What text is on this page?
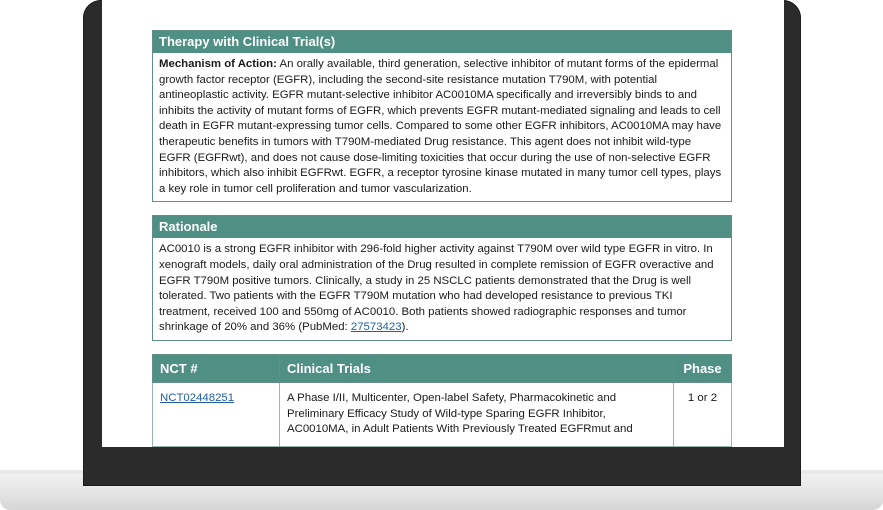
Therapy with Clinical Trial(s)
Mechanism of Action: An orally available, third generation, selective inhibitor of mutant forms of the epidermal growth factor receptor (EGFR), including the second-site resistance mutation T790M, with potential antineoplastic activity. EGFR mutant-selective inhibitor AC0010MA specifically and irreversibly binds to and inhibits the activity of mutant forms of EGFR, which prevents EGFR mutant-mediated signaling and leads to cell death in EGFR mutant-expressing tumor cells. Compared to some other EGFR inhibitors, AC0010MA may have therapeutic benefits in tumors with T790M-mediated Drug resistance. This agent does not inhibit wild-type EGFR (EGFRwt), and does not cause dose-limiting toxicities that occur during the use of non-selective EGFR inhibitors, which also inhibit EGFRwt. EGFR, a receptor tyrosine kinase mutated in many tumor cell types, plays a key role in tumor cell proliferation and tumor vascularization.
Rationale
AC0010 is a strong EGFR inhibitor with 296-fold higher activity against T790M over wild type EGFR in vitro. In xenograft models, daily oral administration of the Drug resulted in complete remission of EGFR overactive and EGFR T790M positive tumors. Clinically, a study in 25 NSCLC patients demonstrated that the Drug is well tolerated. Two patients with the EGFR T790M mutation who had developed resistance to previous TKI treatment, received 100 and 550mg of AC0010. Both patients showed radiographic responses and tumor shrinkage of 20% and 36% (PubMed: 27573423).
NCT #	Clinical Trials	Phase
NCT02448251	A Phase I/II, Multicenter, Open-label Safety, Pharmacokinetic and Preliminary Efficacy Study of Wild-type Sparing EGFR Inhibitor, AC0010MA, in Adult Patients With Previously Treated EGFRmut and	1 or 2
